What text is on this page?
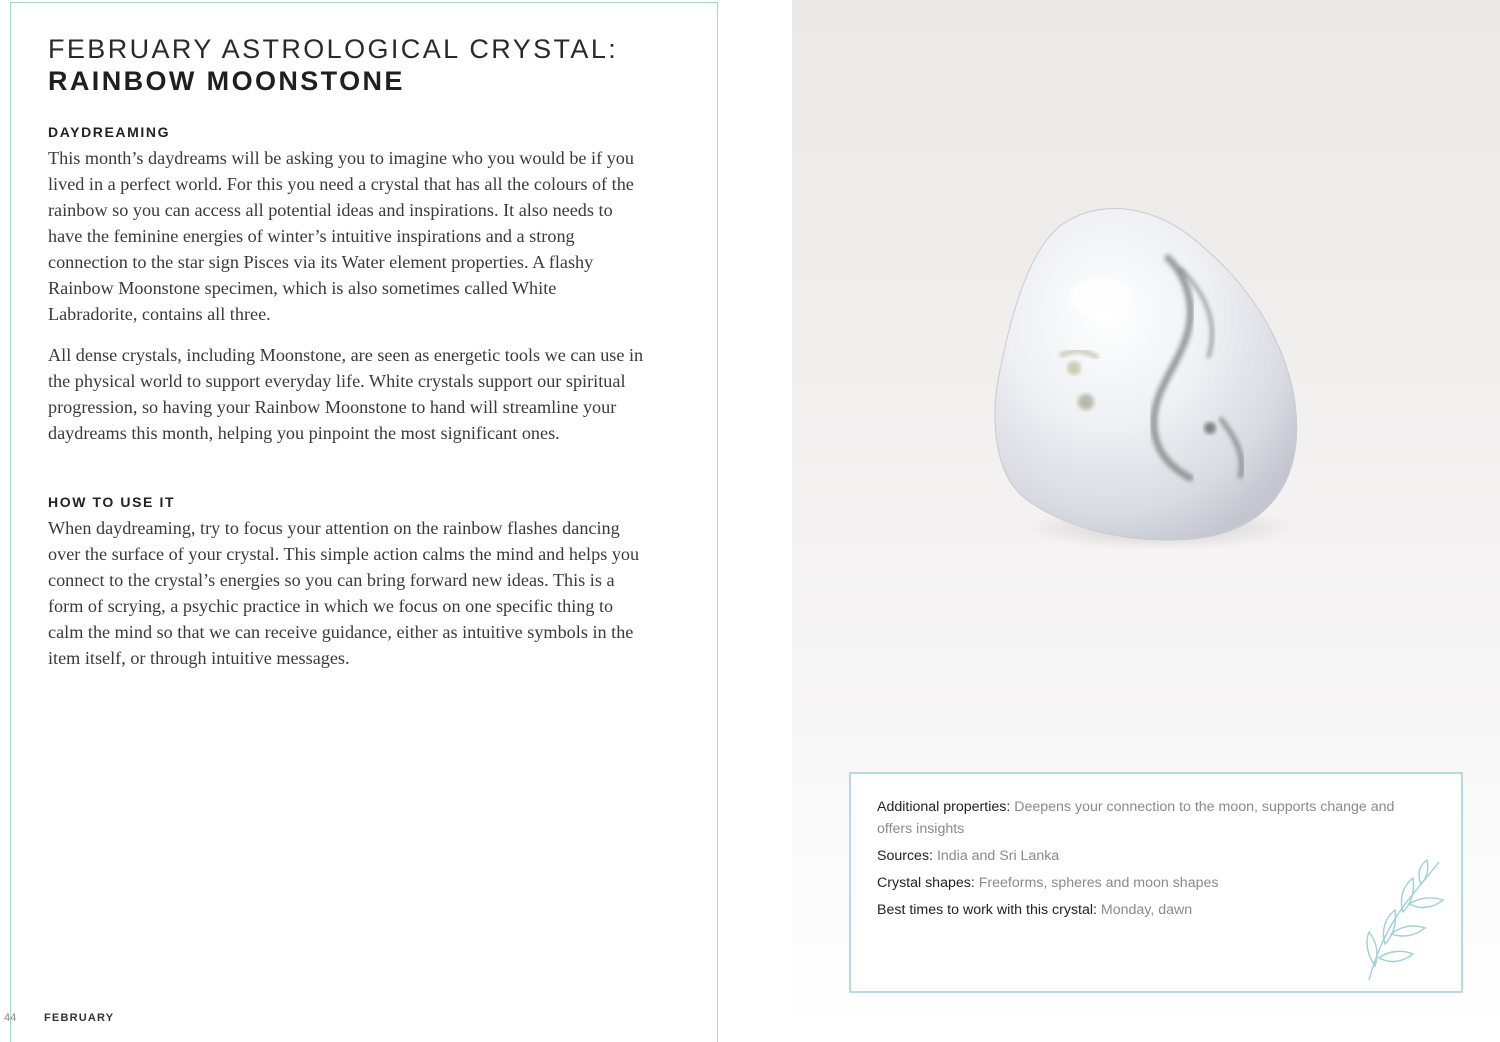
FEBRUARY ASTROLOGICAL CRYSTAL:
RAINBOW MOONSTONE
DAYDREAMING

This month’s daydreams will be asking you to imagine who you would be if you lived in a perfect world. For this you need a crystal that has all the colours of the rainbow so you can access all potential ideas and inspirations. It also needs to have the feminine energies of winter’s intuitive inspirations and a strong connection to the star sign Pisces via its Water element properties. A flashy Rainbow Moonstone specimen, which is also sometimes called White Labradorite, contains all three.

All dense crystals, including Moonstone, are seen as energetic tools we can use in the physical world to support everyday life. White crystals support our spiritual progression, so having your Rainbow Moonstone to hand will streamline your daydreams this month, helping you pinpoint the most significant ones.

HOW TO USE IT

When daydreaming, try to focus your attention on the rainbow flashes dancing over the surface of your crystal. This simple action calms the mind and helps you connect to the crystal’s energies so you can bring forward new ideas. This is a form of scrying, a psychic practice in which we focus on one specific thing to calm the mind so that we can receive guidance, either as intuitive symbols in the item itself, or through intuitive messages.

44	FEBRUARY

Additional properties: Deepens your connection to the moon, supports change and offers insights

Sources: India and Sri Lanka

Crystal shapes: Freeforms, spheres and moon shapes

Best times to work with this crystal: Monday, dawn
